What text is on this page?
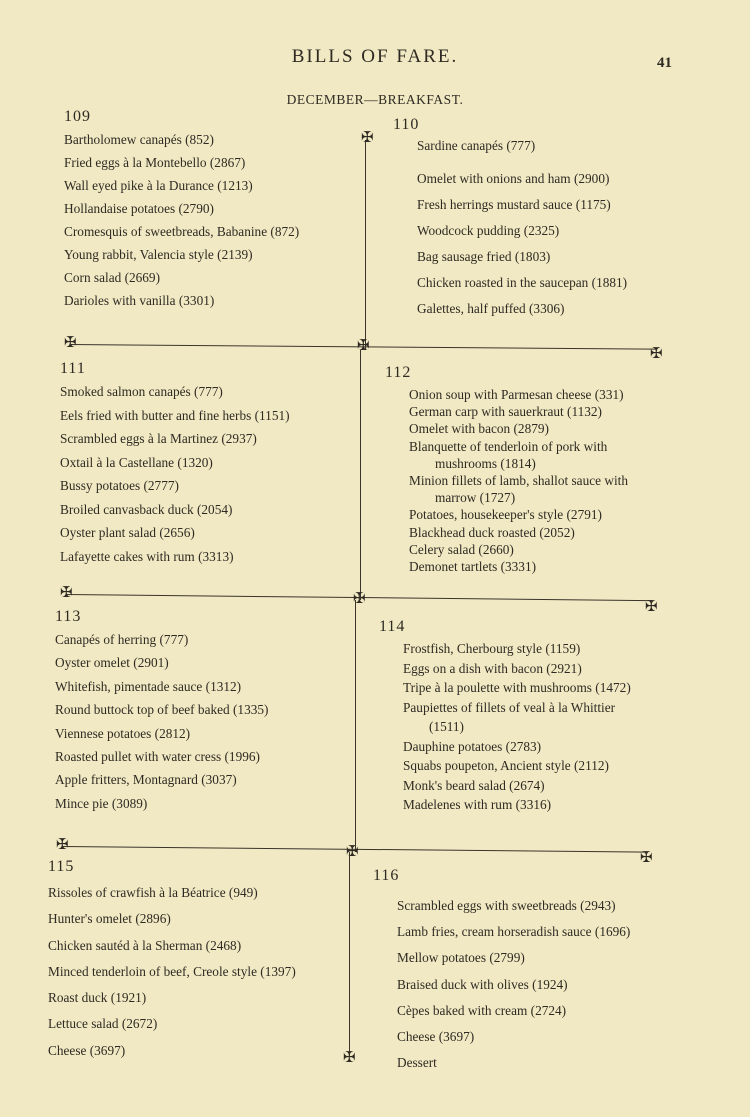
BILLS OF FARE.	41
DECEMBER—BREAKFAST.
✠
✠	✠	✠
✠	✠	✠
✠	✠	✠
✠
109
Bartholomew canapés (852)
Fried eggs à la Montebello (2867)
Wall eyed pike à la Durance (1213)
Hollandaise potatoes (2790)
Cromesquis of sweetbreads, Babanine (872)
Young rabbit, Valencia style (2139)
Corn salad (2669)
Darioles with vanilla (3301)
110
Sardine canapés (777)
Omelet with onions and ham (2900)
Fresh herrings mustard sauce (1175)
Woodcock pudding (2325)
Bag sausage fried (1803)
Chicken roasted in the saucepan (1881)
Galettes, half puffed (3306)
111
Smoked salmon canapés (777)
Eels fried with butter and fine herbs (1151)
Scrambled eggs à la Martinez (2937)
Oxtail à la Castellane (1320)
Bussy potatoes (2777)
Broiled canvasback duck (2054)
Oyster plant salad (2656)
Lafayette cakes with rum (3313)
112
Onion soup with Parmesan cheese (331)
German carp with sauerkraut (1132)
Omelet with bacon (2879)
Blanquette of tenderloin of pork with
mushrooms (1814)
Minion fillets of lamb, shallot sauce with
marrow (1727)
Potatoes, housekeeper's style (2791)
Blackhead duck roasted (2052)
Celery salad (2660)
Demonet tartlets (3331)
113
Canapés of herring (777)
Oyster omelet (2901)
Whitefish, pimentade sauce (1312)
Round buttock top of beef baked (1335)
Viennese potatoes (2812)
Roasted pullet with water cress (1996)
Apple fritters, Montagnard (3037)
Mince pie (3089)
114
Frostfish, Cherbourg style (1159)
Eggs on a dish with bacon (2921)
Tripe à la poulette with mushrooms (1472)
Paupiettes of fillets of veal à la Whittier
(1511)
Dauphine potatoes (2783)
Squabs poupeton, Ancient style (2112)
Monk's beard salad (2674)
Madelenes with rum (3316)
115
Rissoles of crawfish à la Béatrice (949)
Hunter's omelet (2896)
Chicken sautéd à la Sherman (2468)
Minced tenderloin of beef, Creole style (1397)
Roast duck (1921)
Lettuce salad (2672)
Cheese (3697)
116
Scrambled eggs with sweetbreads (2943)
Lamb fries, cream horseradish sauce (1696)
Mellow potatoes (2799)
Braised duck with olives (1924)
Cèpes baked with cream (2724)
Cheese (3697)
Dessert
